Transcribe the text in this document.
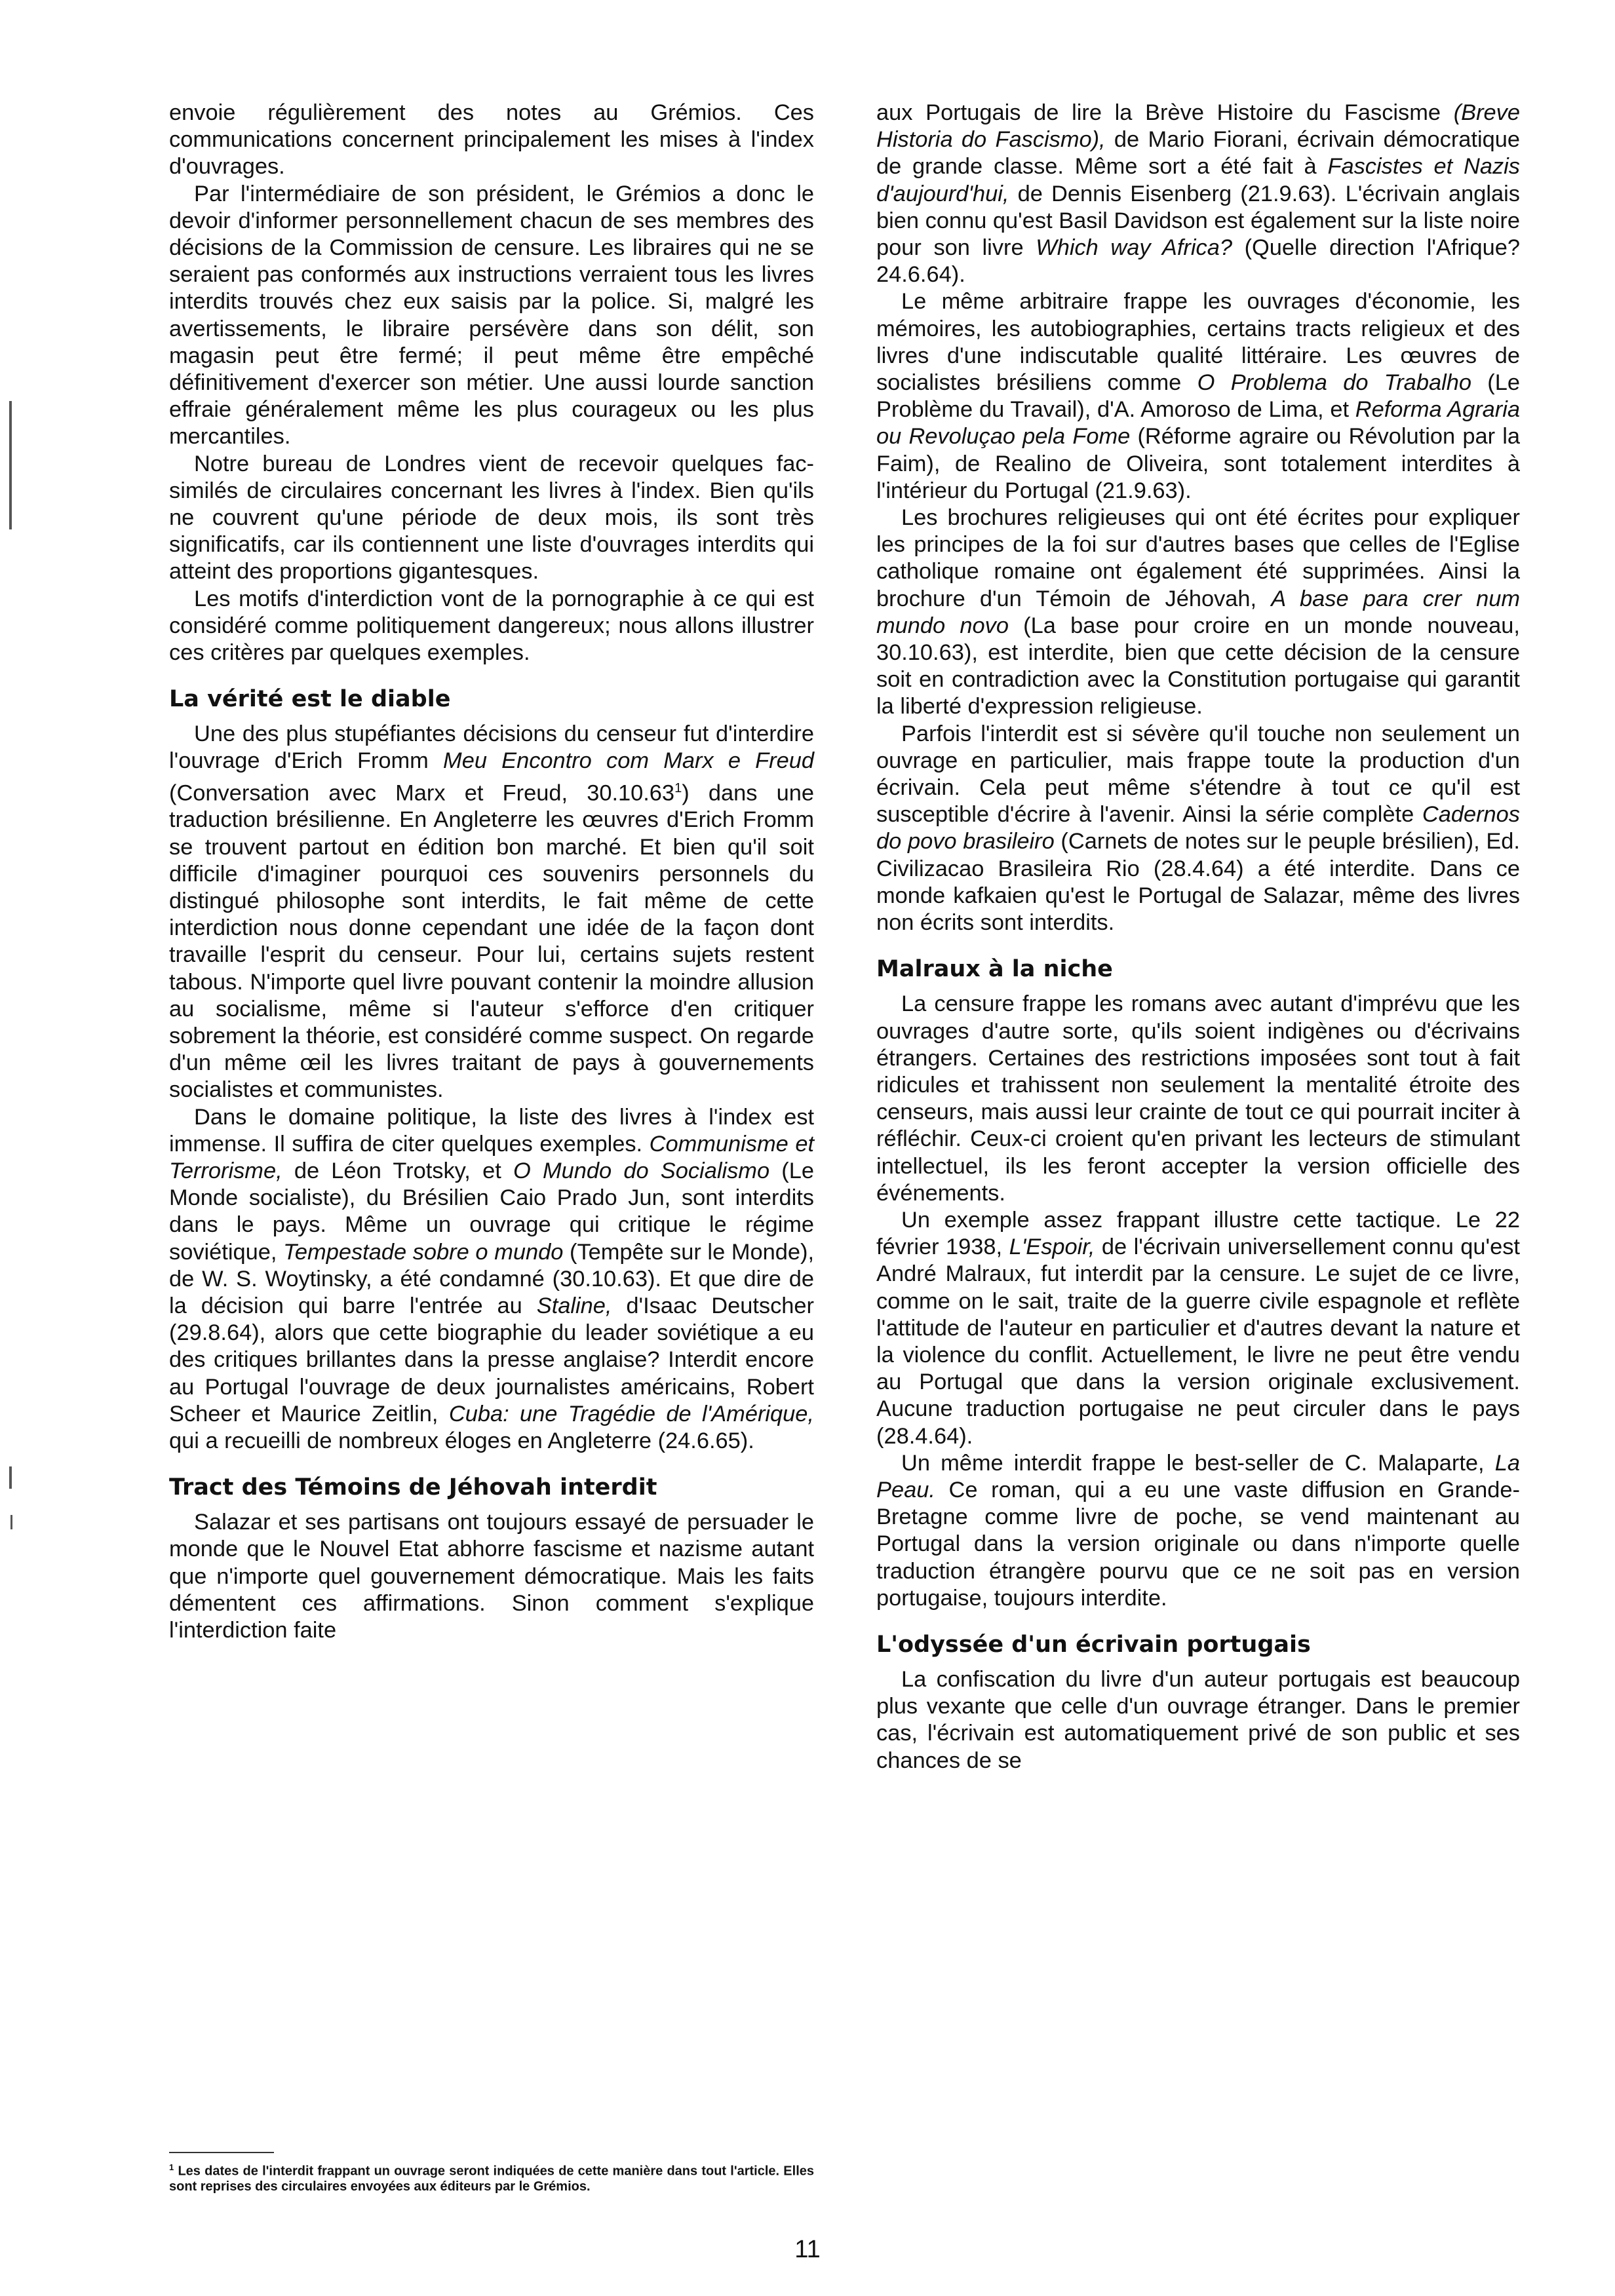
envoie régulièrement des notes au Grémios. Ces communications concernent principalement les mises à l'index d'ouvrages.

Par l'intermédiaire de son président, le Grémios a donc le devoir d'informer personnellement chacun de ses membres des décisions de la Commission de censure. Les libraires qui ne se seraient pas conformés aux instructions verraient tous les livres interdits trouvés chez eux saisis par la police. Si, malgré les avertissements, le libraire persévère dans son délit, son magasin peut être fermé; il peut même être empêché définitivement d'exercer son métier. Une aussi lourde sanction effraie généralement même les plus courageux ou les plus mercantiles.

Notre bureau de Londres vient de recevoir quelques fac-similés de circulaires concernant les livres à l'index. Bien qu'ils ne couvrent qu'une période de deux mois, ils sont très significatifs, car ils contiennent une liste d'ouvrages interdits qui atteint des proportions gigantesques.

Les motifs d'interdiction vont de la pornographie à ce qui est considéré comme politiquement dangereux; nous allons illustrer ces critères par quelques exemples.

La vérité est le diable

Une des plus stupéfiantes décisions du censeur fut d'interdire l'ouvrage d'Erich Fromm Meu Encontro com Marx e Freud (Conversation avec Marx et Freud, 30.10.63$^1$) dans une traduction brésilienne. En Angleterre les œuvres d'Erich Fromm se trouvent partout en édition bon marché. Et bien qu'il soit difficile d'imaginer pourquoi ces souvenirs personnels du distingué philosophe sont interdits, le fait même de cette interdiction nous donne cependant une idée de la façon dont travaille l'esprit du censeur. Pour lui, certains sujets restent tabous. N'importe quel livre pouvant contenir la moindre allusion au socialisme, même si l'auteur s'efforce d'en critiquer sobrement la théorie, est considéré comme suspect. On regarde d'un même œil les livres traitant de pays à gouvernements socialistes et communistes.

Dans le domaine politique, la liste des livres à l'index est immense. Il suffira de citer quelques exemples. Communisme et Terrorisme, de Léon Trotsky, et O Mundo do Socialismo (Le Monde socialiste), du Brésilien Caio Prado Jun, sont interdits dans le pays. Même un ouvrage qui critique le régime soviétique, Tempestade sobre o mundo (Tempête sur le Monde), de W. S. Woytinsky, a été condamné (30.10.63). Et que dire de la décision qui barre l'entrée au Staline, d'Isaac Deutscher (29.8.64), alors que cette biographie du leader soviétique a eu des critiques brillantes dans la presse anglaise? Interdit encore au Portugal l'ouvrage de deux journalistes américains, Robert Scheer et Maurice Zeitlin, Cuba: une Tragédie de l'Amérique, qui a recueilli de nombreux éloges en Angleterre (24.6.65).

Tract des Témoins de Jéhovah interdit

Salazar et ses partisans ont toujours essayé de persuader le monde que le Nouvel Etat abhorre fascisme et nazisme autant que n'importe quel gouvernement démocratique. Mais les faits démentent ces affirmations. Sinon comment s'explique l'interdiction faite

$^1$ Les dates de l'interdit frappant un ouvrage seront indiquées de cette manière dans tout l'article. Elles sont reprises des circulaires envoyées aux éditeurs par le Grémios.

aux Portugais de lire la Brève Histoire du Fascisme (Breve Historia do Fascismo), de Mario Fiorani, écrivain démocratique de grande classe. Même sort a été fait à Fascistes et Nazis d'aujourd'hui, de Dennis Eisenberg (21.9.63). L'écrivain anglais bien connu qu'est Basil Davidson est également sur la liste noire pour son livre Which way Africa? (Quelle direction l'Afrique? 24.6.64).

Le même arbitraire frappe les ouvrages d'économie, les mémoires, les autobiographies, certains tracts religieux et des livres d'une indiscutable qualité littéraire. Les œuvres de socialistes brésiliens comme O Problema do Trabalho (Le Problème du Travail), d'A. Amoroso de Lima, et Reforma Agraria ou Revoluçao pela Fome (Réforme agraire ou Révolution par la Faim), de Realino de Oliveira, sont totalement interdites à l'intérieur du Portugal (21.9.63).

Les brochures religieuses qui ont été écrites pour expliquer les principes de la foi sur d'autres bases que celles de l'Eglise catholique romaine ont également été supprimées. Ainsi la brochure d'un Témoin de Jéhovah, A base para crer num mundo novo (La base pour croire en un monde nouveau, 30.10.63), est interdite, bien que cette décision de la censure soit en contradiction avec la Constitution portugaise qui garantit la liberté d'expression religieuse.

Parfois l'interdit est si sévère qu'il touche non seulement un ouvrage en particulier, mais frappe toute la production d'un écrivain. Cela peut même s'étendre à tout ce qu'il est susceptible d'écrire à l'avenir. Ainsi la série complète Cadernos do povo brasileiro (Carnets de notes sur le peuple brésilien), Ed. Civilizacao Brasileira Rio (28.4.64) a été interdite. Dans ce monde kafkaien qu'est le Portugal de Salazar, même des livres non écrits sont interdits.

Malraux à la niche

La censure frappe les romans avec autant d'imprévu que les ouvrages d'autre sorte, qu'ils soient indigènes ou d'écrivains étrangers. Certaines des restrictions imposées sont tout à fait ridicules et trahissent non seulement la mentalité étroite des censeurs, mais aussi leur crainte de tout ce qui pourrait inciter à réfléchir. Ceux-ci croient qu'en privant les lecteurs de stimulant intellectuel, ils les feront accepter la version officielle des événements.

Un exemple assez frappant illustre cette tactique. Le 22 février 1938, L'Espoir, de l'écrivain universellement connu qu'est André Malraux, fut interdit par la censure. Le sujet de ce livre, comme on le sait, traite de la guerre civile espagnole et reflète l'attitude de l'auteur en particulier et d'autres devant la nature et la violence du conflit. Actuellement, le livre ne peut être vendu au Portugal que dans la version originale exclusivement. Aucune traduction portugaise ne peut circuler dans le pays (28.4.64).

Un même interdit frappe le best-seller de C. Malaparte, La Peau. Ce roman, qui a eu une vaste diffusion en Grande-Bretagne comme livre de poche, se vend maintenant au Portugal dans la version originale ou dans n'importe quelle traduction étrangère pourvu que ce ne soit pas en version portugaise, toujours interdite.

L'odyssée d'un écrivain portugais

La confiscation du livre d'un auteur portugais est beaucoup plus vexante que celle d'un ouvrage étranger. Dans le premier cas, l'écrivain est automatiquement privé de son public et ses chances de se

11
